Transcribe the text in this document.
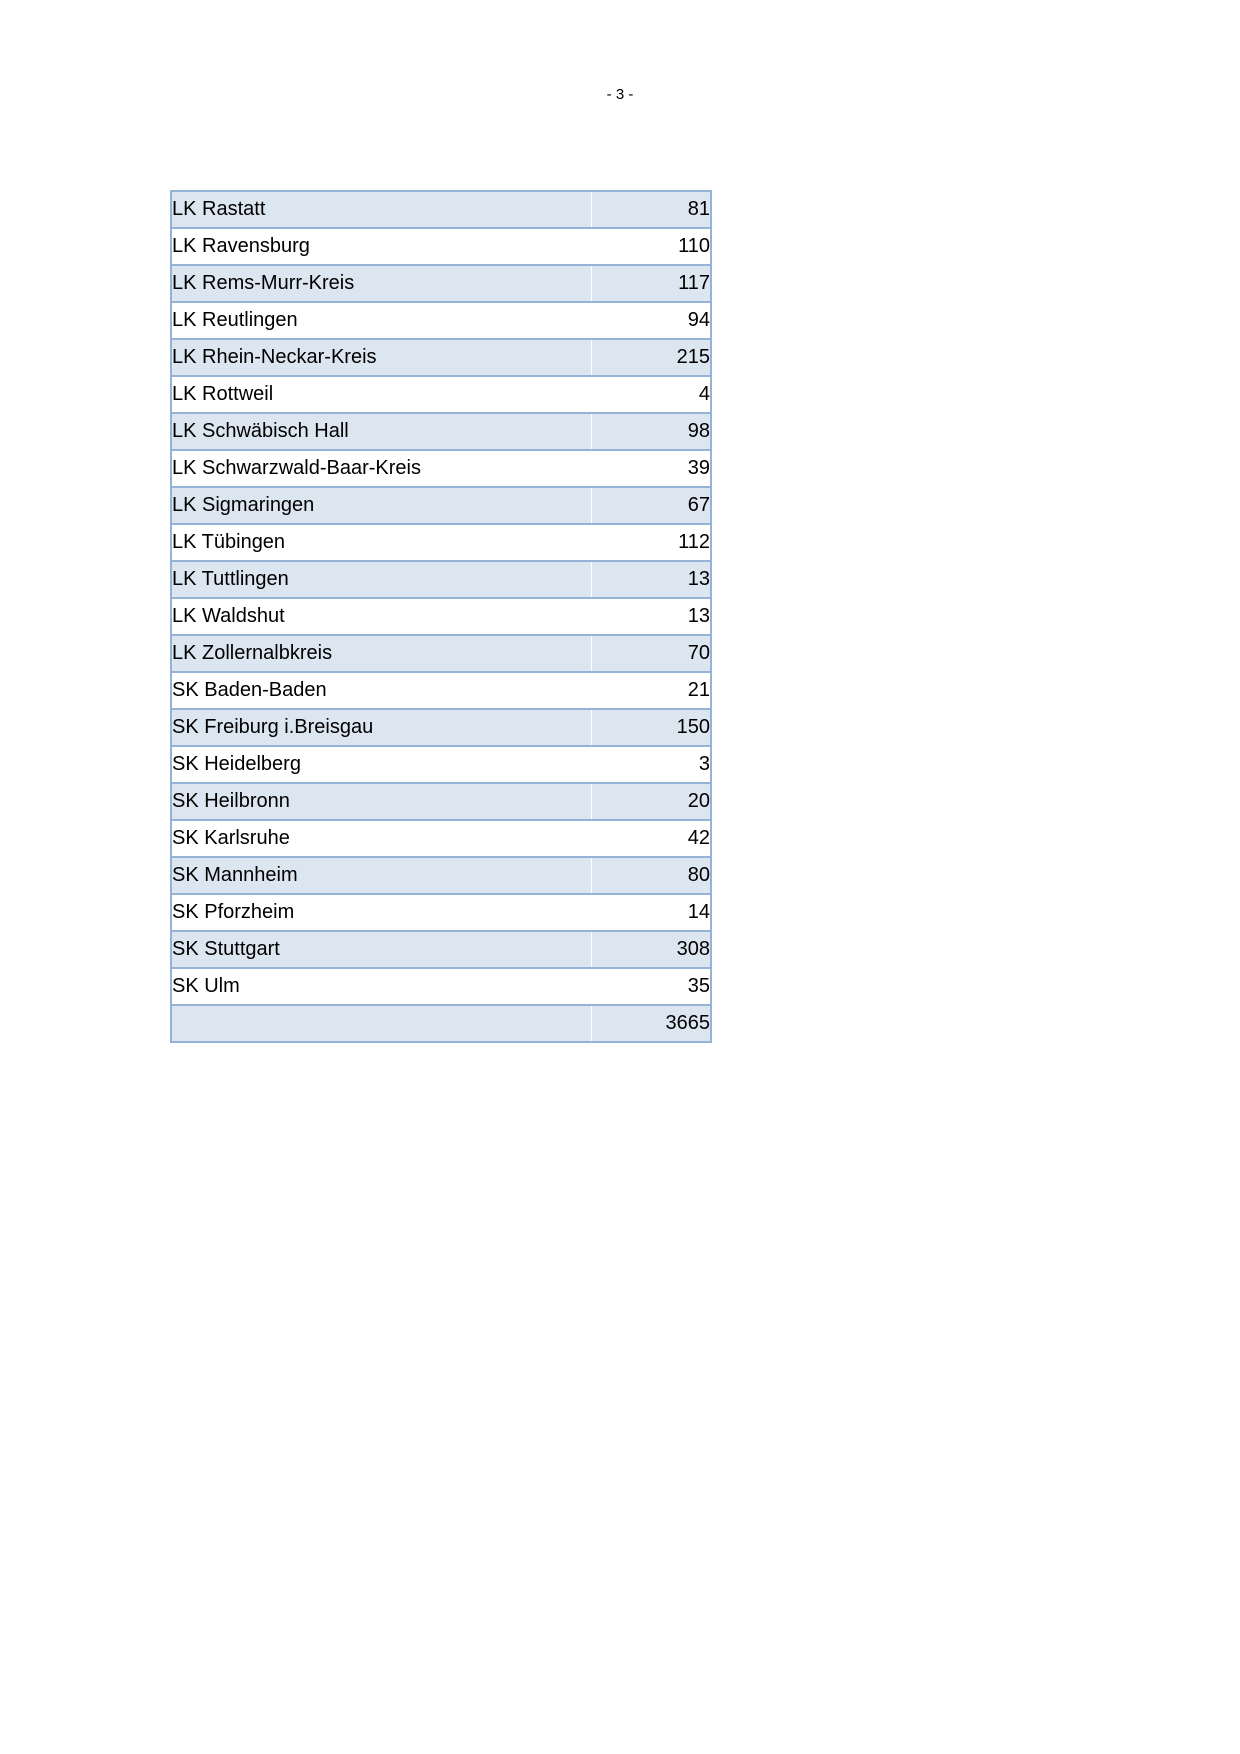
- 3 -
LK Rastatt	81
LK Ravensburg	110
LK Rems-Murr-Kreis	117
LK Reutlingen	94
LK Rhein-Neckar-Kreis	215
LK Rottweil	4
LK Schwäbisch Hall	98
LK Schwarzwald-Baar-Kreis	39
LK Sigmaringen	67
LK Tübingen	112
LK Tuttlingen	13
LK Waldshut	13
LK Zollernalbkreis	70
SK Baden-Baden	21
SK Freiburg i.Breisgau	150
SK Heidelberg	3
SK Heilbronn	20
SK Karlsruhe	42
SK Mannheim	80
SK Pforzheim	14
SK Stuttgart	308
SK Ulm	35
	3665
